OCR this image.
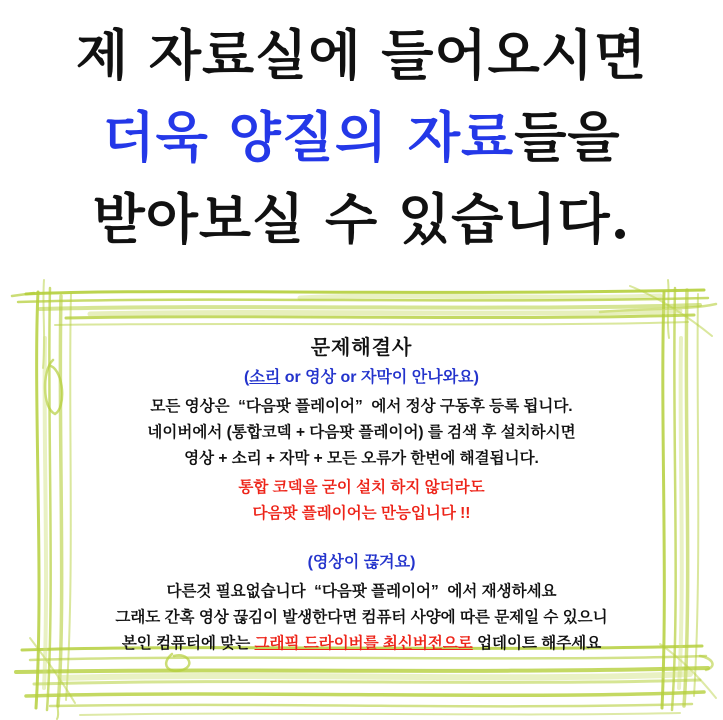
제 자료실에 들어오시면
더욱 양질의 자료들을
받아보실 수 있습니다.
문제해결사
(소리 or 영상 or 자막이 안나와요)
모든 영상은  “다음팟 플레이어”  에서 정상 구동후 등록 됩니다.
네이버에서 (통합코덱 + 다음팟 플레이어) 를 검색 후 설치하시면
영상 + 소리 + 자막 + 모든 오류가 한번에 해결됩니다.
통합 코덱을 굳이 설치 하지 않더라도
다음팟 플레이어는 만능입니다 !!
(영상이 끊겨요)
다른것 필요없습니다  “다음팟 플레이어”  에서 재생하세요
그래도 간혹 영상 끊김이 발생한다면 컴퓨터 사양에 따른 문제일 수 있으니
본인 컴퓨터에 맞는 그래픽 드라이버를 최신버전으로 업데이트 해주세요
